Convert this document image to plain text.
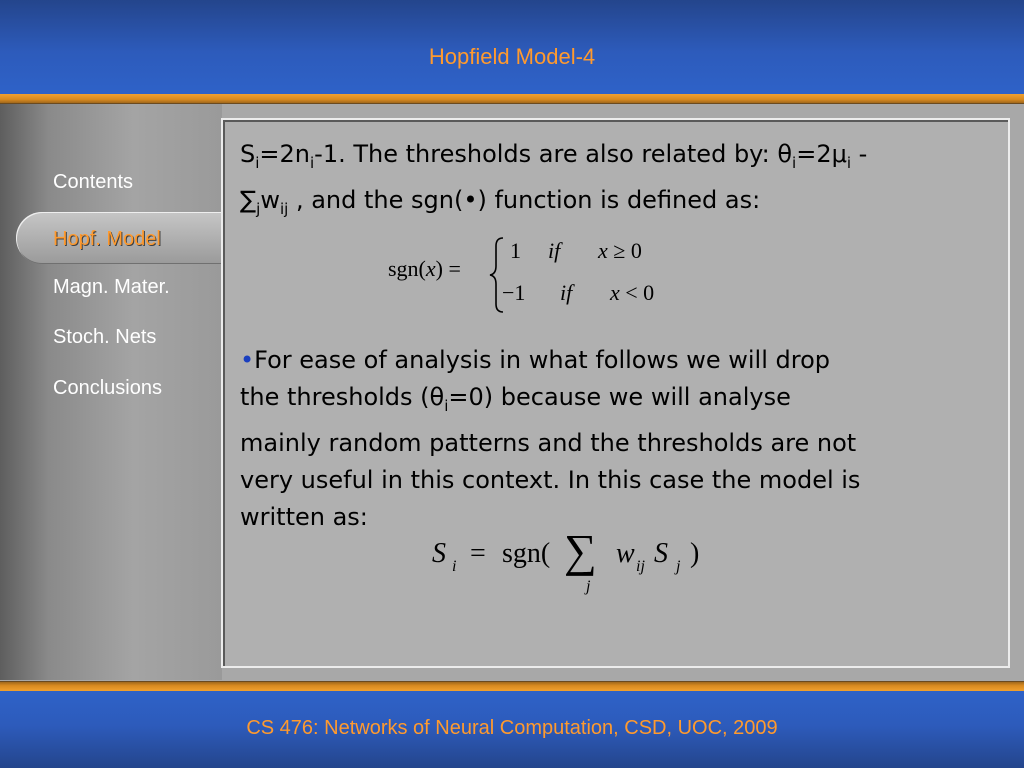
Hopfield Model-4
Contents
Hopf. Model
Magn. Mater.
Stoch. Nets
Conclusions
$S_i=2n_i-1$. The thresholds are also related by: $\theta_i=2\mu_i$ -
$\sum_jw_{ij}$ , and the sgn(•) function is defined as:
sgn(x) =
1 if x ≥ 0
−1 if x < 0
•For ease of analysis in what follows we will drop
the thresholds $(\theta_i=0)$ because we will analyse
mainly random patterns and the thresholds are not
very useful in this context. In this case the model is
written as:
S i = sgn( ∑
j
w ij S j )
CS 476: Networks of Neural Computation, CSD, UOC, 2009
